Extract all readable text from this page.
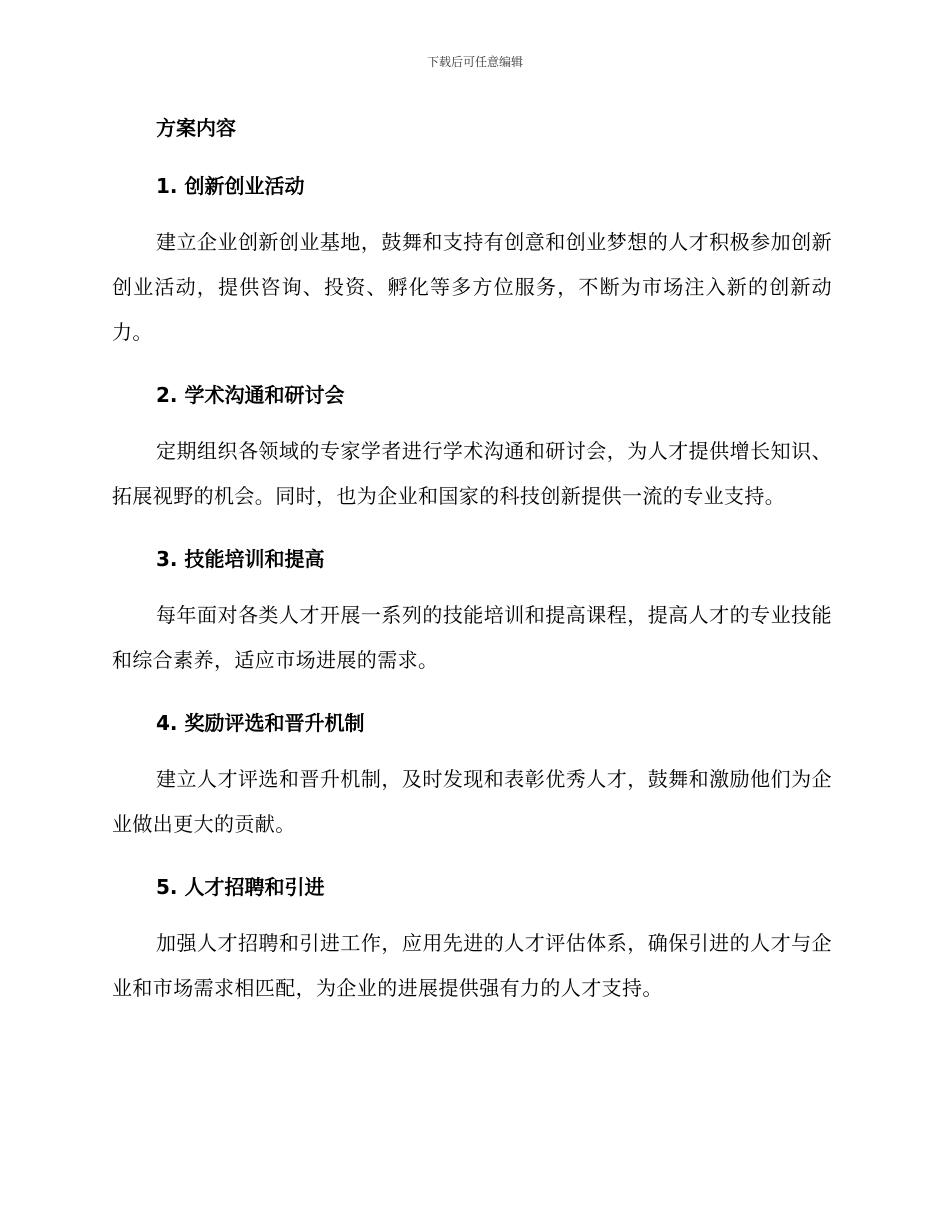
下载后可任意编辑
方案内容
1. 创新创业活动
建立企业创新创业基地，鼓舞和支持有创意和创业梦想的人才积极参加创新创业活动，提供咨询、投资、孵化等多方位服务，不断为市场注入新的创新动力。
2. 学术沟通和研讨会
定期组织各领域的专家学者进行学术沟通和研讨会，为人才提供增长知识、拓展视野的机会。同时，也为企业和国家的科技创新提供一流的专业支持。
3. 技能培训和提高
每年面对各类人才开展一系列的技能培训和提高课程，提高人才的专业技能和综合素养，适应市场进展的需求。
4. 奖励评选和晋升机制
建立人才评选和晋升机制，及时发现和表彰优秀人才，鼓舞和激励他们为企业做出更大的贡献。
5. 人才招聘和引进
加强人才招聘和引进工作，应用先进的人才评估体系，确保引进的人才与企业和市场需求相匹配，为企业的进展提供强有力的人才支持。
